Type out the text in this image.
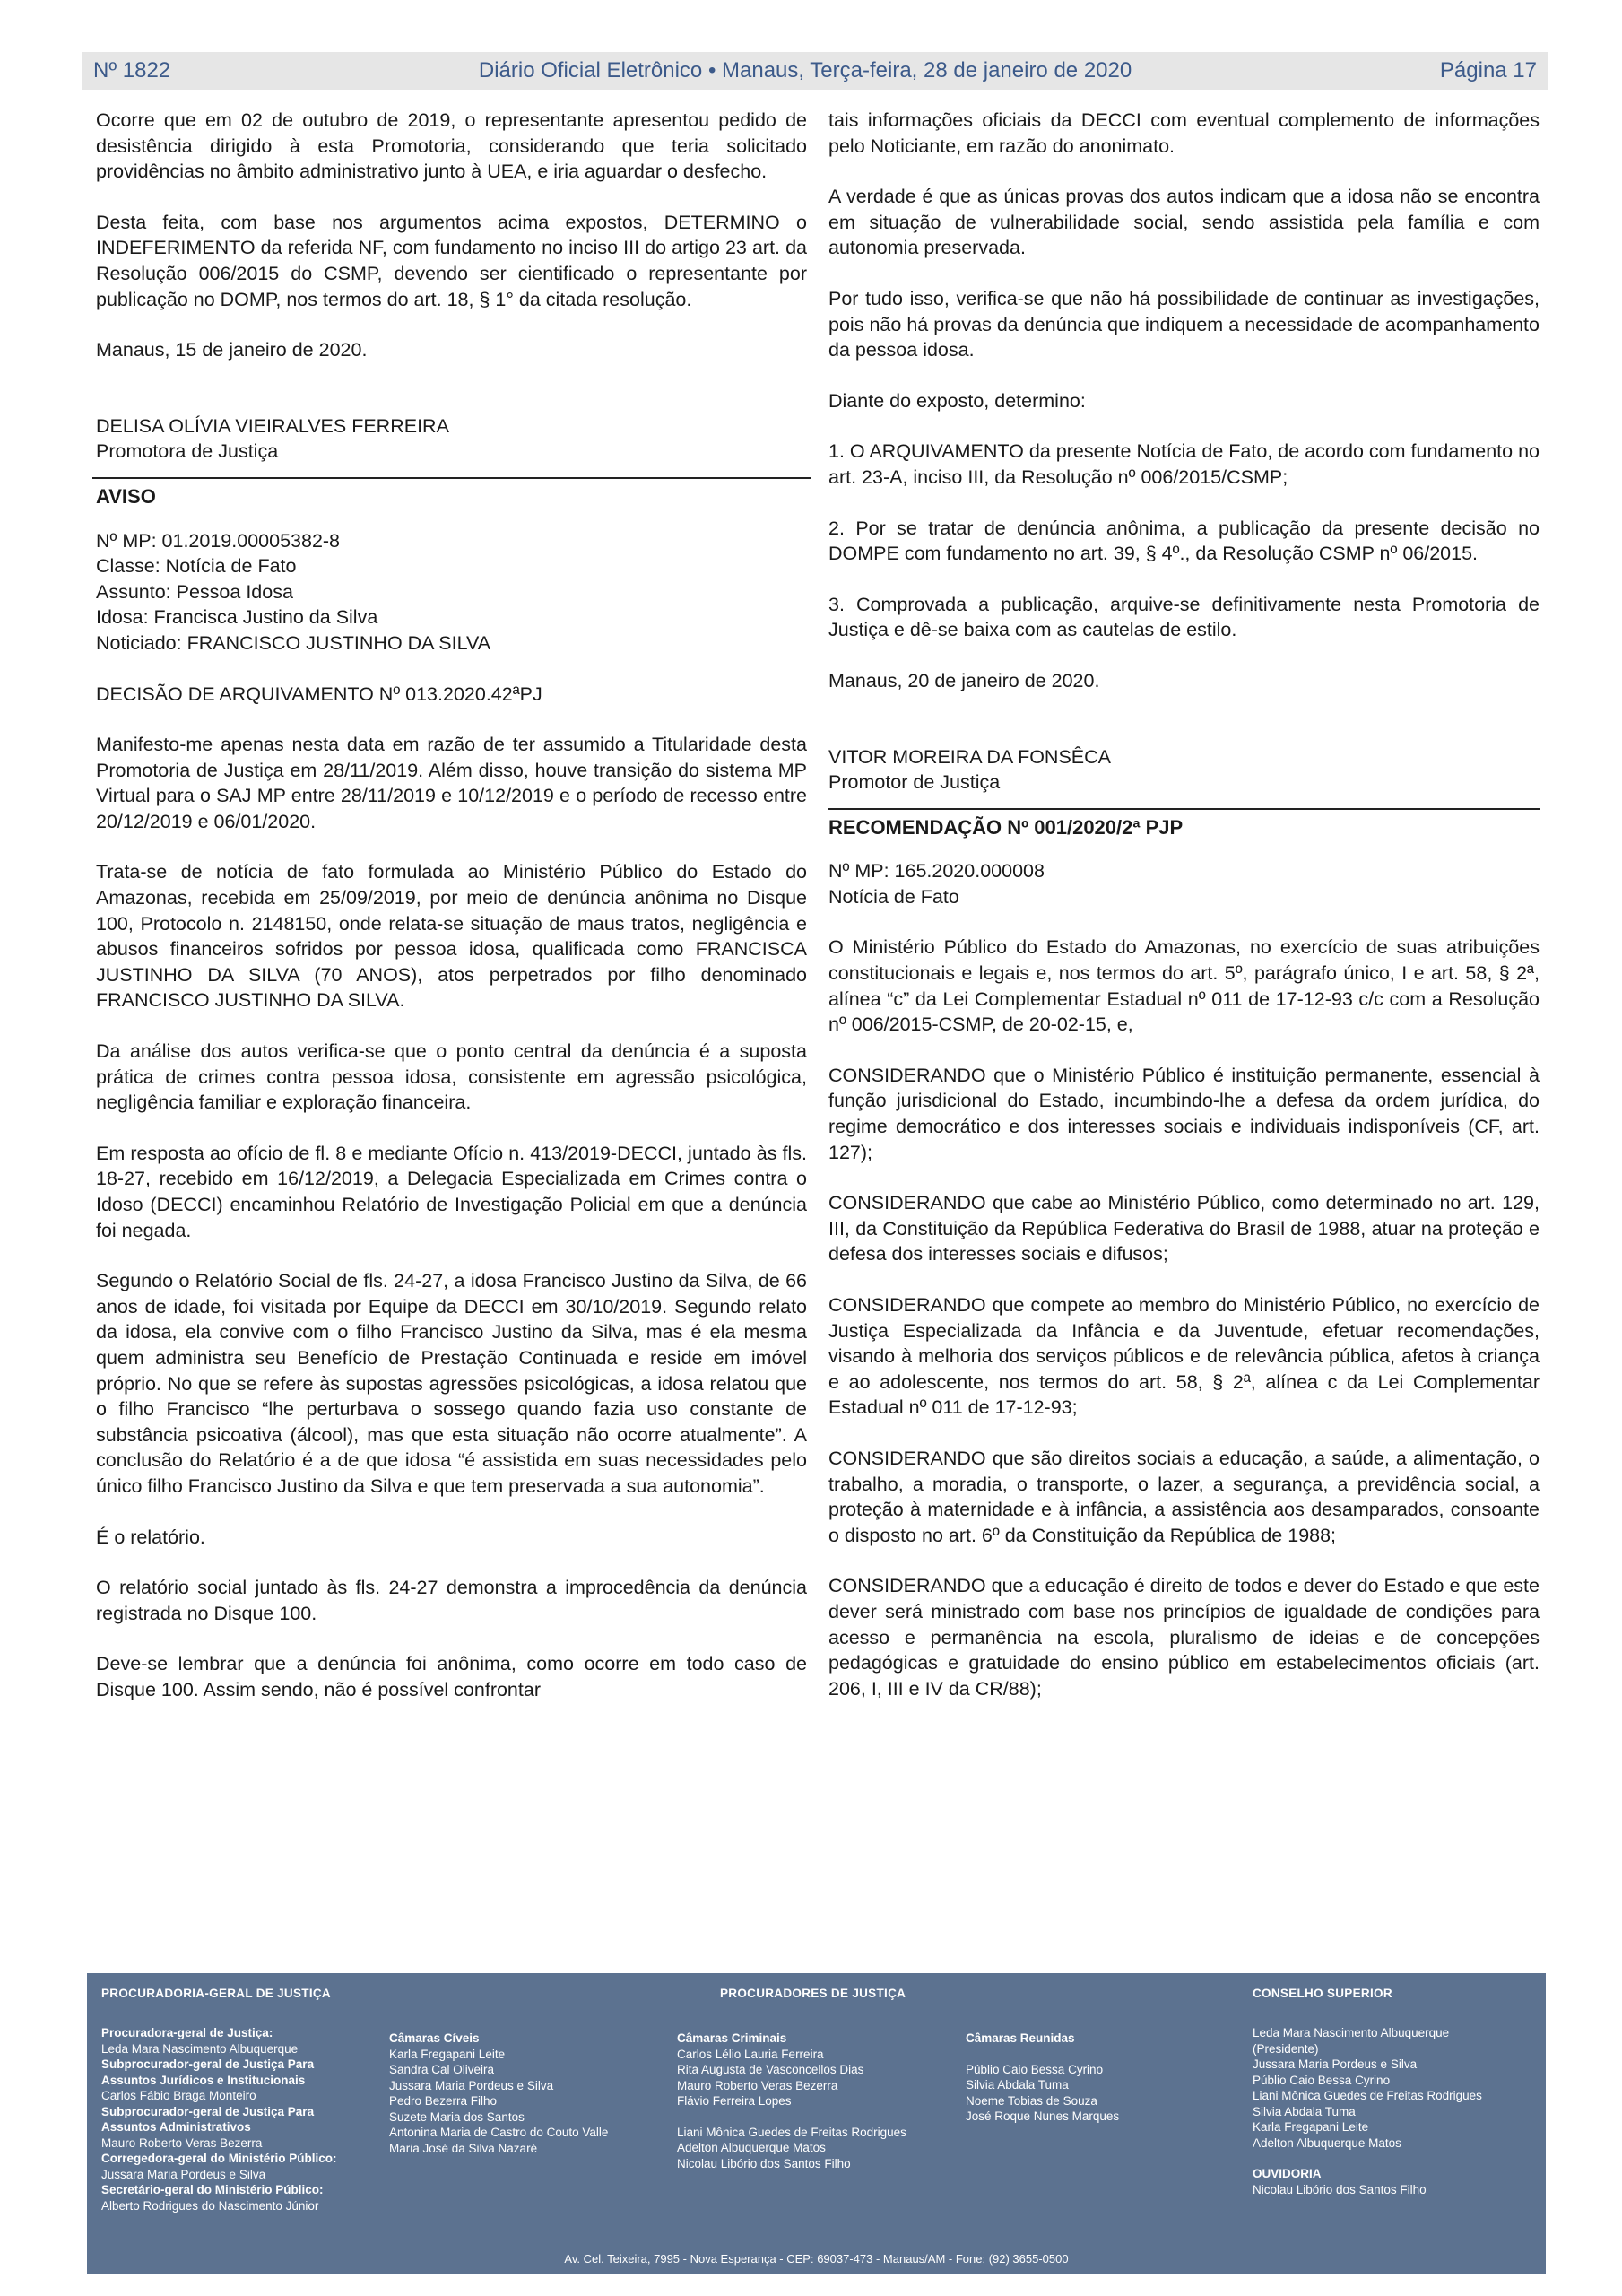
Nº 1822	Diário Oficial Eletrônico • Manaus, Terça-feira, 28 de janeiro de 2020	Página 17

Ocorre que em 02 de outubro de 2019, o representante apresentou pedido de desistência dirigido à esta Promotoria, considerando que teria solicitado providências no âmbito administrativo junto à UEA, e iria aguardar o desfecho.

Desta feita, com base nos argumentos acima expostos, DETERMINO o INDEFERIMENTO da referida NF, com fundamento no inciso III do artigo 23 art. da Resolução 006/2015 do CSMP, devendo ser cientificado o representante por publicação no DOMP, nos termos do art. 18, § 1° da citada resolução.

Manaus, 15 de janeiro de 2020.

DELISA OLÍVIA VIEIRALVES FERREIRA

Promotora de Justiça

AVISO

Nº MP: 01.2019.00005382-8
Classe: Notícia de Fato
Assunto: Pessoa Idosa
Idosa: Francisca Justino da Silva
Noticiado: FRANCISCO JUSTINHO DA SILVA

DECISÃO DE ARQUIVAMENTO Nº 013.2020.42ªPJ

Manifesto-me apenas nesta data em razão de ter assumido a Titularidade desta Promotoria de Justiça em 28/11/2019. Além disso, houve transição do sistema MP Virtual para o SAJ MP entre 28/11/2019 e 10/12/2019 e o período de recesso entre 20/12/2019 e 06/01/2020.

Trata-se de notícia de fato formulada ao Ministério Público do Estado do Amazonas, recebida em 25/09/2019, por meio de denúncia anônima no Disque 100, Protocolo n. 2148150, onde relata-se situação de maus tratos, negligência e abusos financeiros sofridos por pessoa idosa, qualificada como FRANCISCA JUSTINHO DA SILVA (70 ANOS), atos perpetrados por filho denominado FRANCISCO JUSTINHO DA SILVA.

Da análise dos autos verifica-se que o ponto central da denúncia é a suposta prática de crimes contra pessoa idosa, consistente em agressão psicológica, negligência familiar e exploração financeira.

Em resposta ao ofício de fl. 8 e mediante Ofício n. 413/2019-DECCI, juntado às fls. 18-27, recebido em 16/12/2019, a Delegacia Especializada em Crimes contra o Idoso (DECCI) encaminhou Relatório de Investigação Policial em que a denúncia foi negada.

Segundo o Relatório Social de fls. 24-27, a idosa Francisco Justino da Silva, de 66 anos de idade, foi visitada por Equipe da DECCI em 30/10/2019. Segundo relato da idosa, ela convive com o filho Francisco Justino da Silva, mas é ela mesma quem administra seu Benefício de Prestação Continuada e reside em imóvel próprio. No que se refere às supostas agressões psicológicas, a idosa relatou que o filho Francisco “lhe perturbava o sossego quando fazia uso constante de substância psicoativa (álcool), mas que esta situação não ocorre atualmente”. A conclusão do Relatório é a de que idosa “é assistida em suas necessidades pelo único filho Francisco Justino da Silva e que tem preservada a sua autonomia”.

É o relatório.

O relatório social juntado às fls. 24-27 demonstra a improcedência da denúncia registrada no Disque 100.

Deve-se lembrar que a denúncia foi anônima, como ocorre em todo caso de Disque 100. Assim sendo, não é possível confrontar

tais informações oficiais da DECCI com eventual complemento de informações pelo Noticiante, em razão do anonimato.

A verdade é que as únicas provas dos autos indicam que a idosa não se encontra em situação de vulnerabilidade social, sendo assistida pela família e com autonomia preservada.

Por tudo isso, verifica-se que não há possibilidade de continuar as investigações, pois não há provas da denúncia que indiquem a necessidade de acompanhamento da pessoa idosa.

Diante do exposto, determino:

1. O ARQUIVAMENTO da presente Notícia de Fato, de acordo com fundamento no art. 23-A, inciso III, da Resolução nº 006/2015/CSMP;

2. Por se tratar de denúncia anônima, a publicação da presente decisão no DOMPE com fundamento no art. 39, § 4º., da Resolução CSMP nº 06/2015.

3. Comprovada a publicação, arquive-se definitivamente nesta Promotoria de Justiça e dê-se baixa com as cautelas de estilo.

Manaus, 20 de janeiro de 2020.

VITOR MOREIRA DA FONSÊCA

Promotor de Justiça

RECOMENDAÇÃO Nº 001/2020/2ª PJP

Nº MP: 165.2020.000008
Notícia de Fato

O Ministério Público do Estado do Amazonas, no exercício de suas atribuições constitucionais e legais e, nos termos do art. 5º, parágrafo único, I e art. 58, § 2ª, alínea “c” da Lei Complementar Estadual nº 011 de 17-12-93 c/c com a Resolução nº 006/2015-CSMP, de 20-02-15, e,

CONSIDERANDO que o Ministério Público é instituição permanente, essencial à função jurisdicional do Estado, incumbindo-lhe a defesa da ordem jurídica, do regime democrático e dos interesses sociais e individuais indisponíveis (CF, art. 127);

CONSIDERANDO que cabe ao Ministério Público, como determinado no art. 129, III, da Constituição da República Federativa do Brasil de 1988, atuar na proteção e defesa dos interesses sociais e difusos;

CONSIDERANDO que compete ao membro do Ministério Público, no exercício de Justiça Especializada da Infância e da Juventude, efetuar recomendações, visando à melhoria dos serviços públicos e de relevância pública, afetos à criança e ao adolescente, nos termos do art. 58, § 2ª, alínea c da Lei Complementar Estadual nº 011 de 17-12-93;

CONSIDERANDO que são direitos sociais a educação, a saúde, a alimentação, o trabalho, a moradia, o transporte, o lazer, a segurança, a previdência social, a proteção à maternidade e à infância, a assistência aos desamparados, consoante o disposto no art. 6º da Constituição da República de 1988;

CONSIDERANDO que a educação é direito de todos e dever do Estado e que este dever será ministrado com base nos princípios de igualdade de condições para acesso e permanência na escola, pluralismo de ideias e de concepções pedagógicas e gratuidade do ensino público em estabelecimentos oficiais (art. 206, I, III e IV da CR/88);

PROCURADORIA-GERAL DE JUSTIÇA	PROCURADORES DE JUSTIÇA	CONSELHO SUPERIOR
Procuradora-geral de Justiça:
Leda Mara Nascimento Albuquerque
Subprocurador-geral de Justiça Para
Assuntos Jurídicos e Institucionais
Carlos Fábio Braga Monteiro
Subprocurador-geral de Justiça Para
Assuntos Administrativos
Mauro Roberto Veras Bezerra
Corregedora-geral do Ministério Público:
Jussara Maria Pordeus e Silva
Secretário-geral do Ministério Público:
Alberto Rodrigues do Nascimento Júnior
Câmaras Cíveis
Karla Fregapani Leite
Sandra Cal Oliveira
Jussara Maria Pordeus e Silva
Pedro Bezerra Filho
Suzete Maria dos Santos
Antonina Maria de Castro do Couto Valle
Maria José da Silva Nazaré
Câmaras Criminais
Carlos Lélio Lauria Ferreira
Rita Augusta de Vasconcellos Dias
Mauro Roberto Veras Bezerra
Flávio Ferreira Lopes
Liani Mônica Guedes de Freitas Rodrigues
Adelton Albuquerque Matos
Nicolau Libório dos Santos Filho
Câmaras Reunidas
Públio Caio Bessa Cyrino
Silvia Abdala Tuma
Noeme Tobias de Souza
José Roque Nunes Marques
Leda Mara Nascimento Albuquerque
(Presidente)
Jussara Maria Pordeus e Silva
Públio Caio Bessa Cyrino
Liani Mônica Guedes de Freitas Rodrigues
Silvia Abdala Tuma
Karla Fregapani Leite
Adelton Albuquerque Matos
OUVIDORIA
Nicolau Libório dos Santos Filho
Av. Cel. Teixeira, 7995 - Nova Esperança - CEP: 69037-473 - Manaus/AM - Fone: (92) 3655-0500
